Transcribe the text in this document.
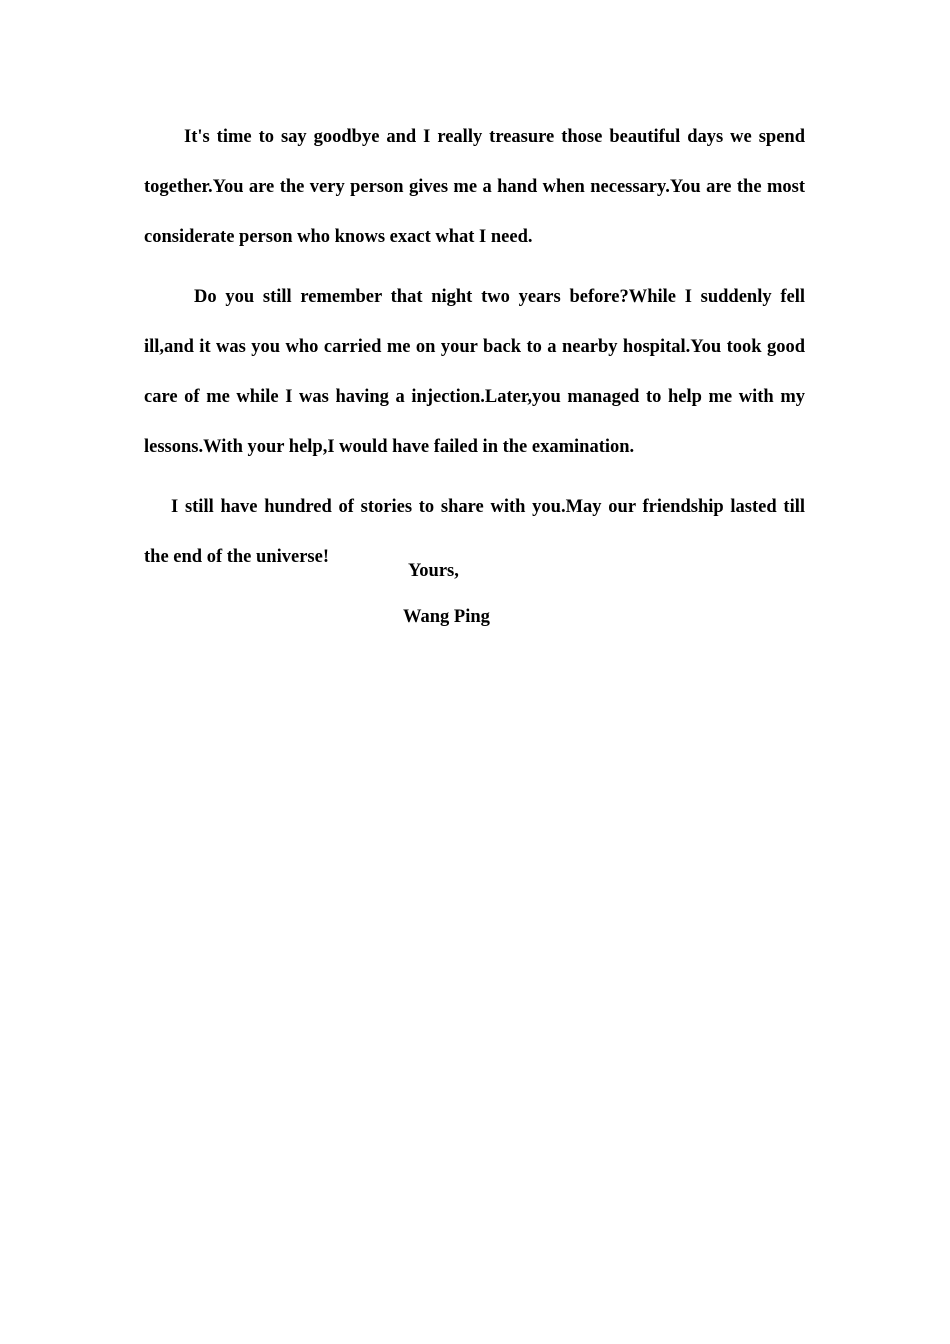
It's time to say goodbye and I really treasure those beautiful days we spend together.You are the very person gives me a hand when necessary.You are the most considerate person who knows exact what I need.

Do you still remember that night two years before?While I suddenly fell ill,and it was you who carried me on your back to a nearby hospital.You took good care of me while I was having a injection.Later,you managed to help me with my lessons.With your help,I would have failed in the examination.

I still have hundred of stories to share with you.May our friendship lasted till the end of the universe!

Yours,
Wang Ping
